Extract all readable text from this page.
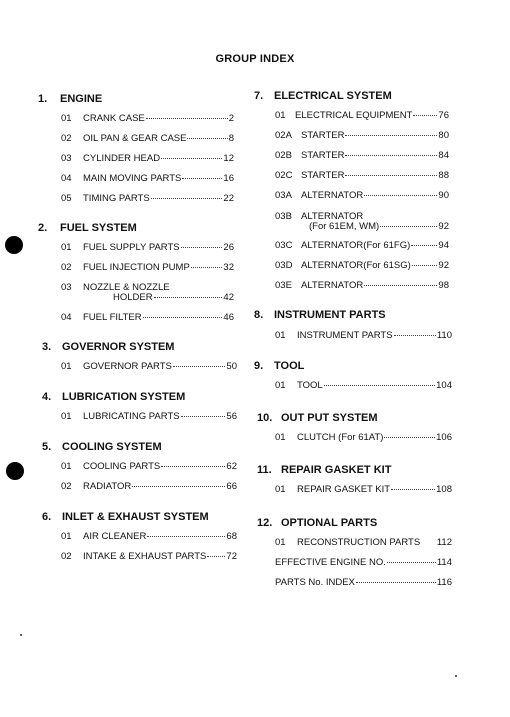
GROUP INDEX
1. ENGINE
01	CRANK CASE	2
02	OIL PAN & GEAR CASE	8
03	CYLINDER HEAD	12
04	MAIN MOVING PARTS	16
05	TIMING PARTS	22
2. FUEL SYSTEM
01	FUEL SUPPLY PARTS	26
02	FUEL INJECTION PUMP	32
03 NOZZLE & NOZZLE
HOLDER	42
04	FUEL FILTER	46
3. GOVERNOR SYSTEM
01	GOVERNOR PARTS	50
4. LUBRICATION SYSTEM
01	LUBRICATING PARTS	56
5. COOLING SYSTEM
01	COOLING PARTS	62
02	RADIATOR	66
6. INLET & EXHAUST SYSTEM
01	AIR CLEANER	68
02	INTAKE & EXHAUST PARTS 72
7. ELECTRICAL SYSTEM
01 ELECTRICAL EQUIPMENT	76
02A STARTER	80
02B STARTER	84
02C STARTER	88
03A ALTERNATOR	90
03B ALTERNATOR
(For 61EM, WM)	92
03C ALTERNATOR(For 61FG)	94
03D ALTERNATOR(For 61SG)	92
03E ALTERNATOR	98
8. INSTRUMENT PARTS
01	INSTRUMENT PARTS	110
9. TOOL
01	TOOL	104
10. OUT PUT SYSTEM
01	CLUTCH (For 61AT)	106
11. REPAIR GASKET KIT
01	REPAIR GASKET KIT	108
12. OPTIONAL PARTS
01	RECONSTRUCTION PARTS 112
EFFECTIVE ENGINE NO.	114
PARTS No. INDEX	116
